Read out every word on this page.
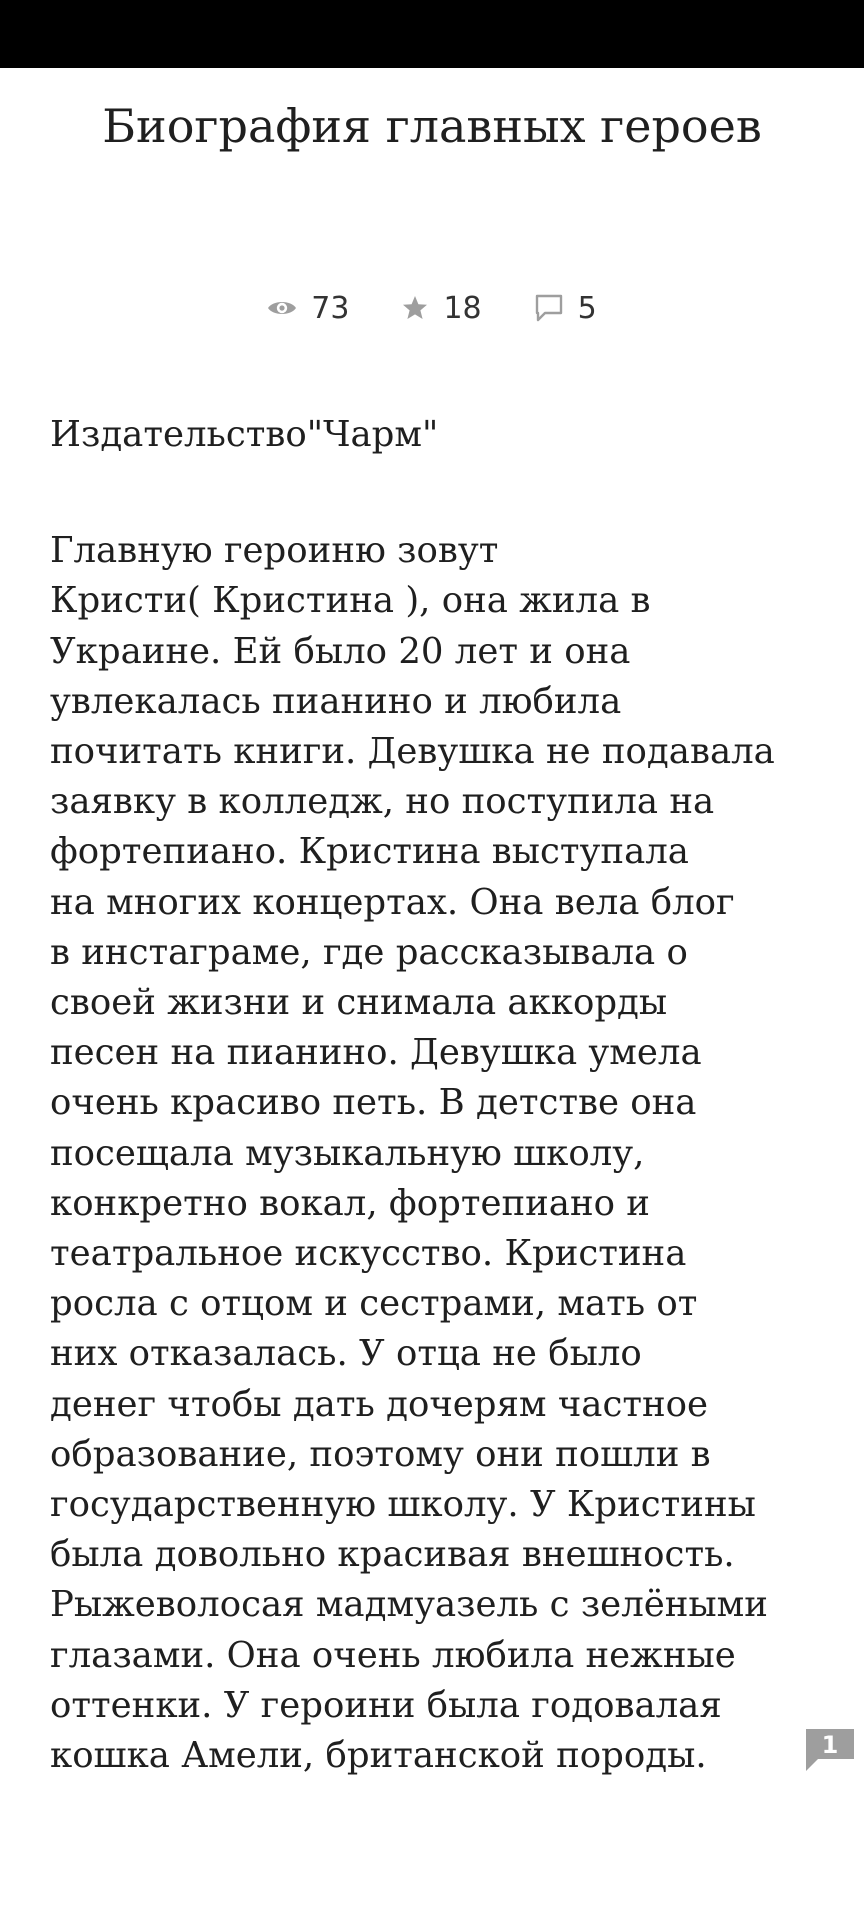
Биография главных героев
73	18	5

Издательство"Чарм"

Главную героиню зовут
Кристи( Кристина ), она жила в
Украине. Ей было 20 лет и она
увлекалась пианино и любила
почитать книги. Девушка не подавала
заявку в колледж, но поступила на
фортепиано. Кристина выступала
на многих концертах. Она вела блог
в инстаграме, где рассказывала о
своей жизни и снимала аккорды
песен на пианино. Девушка умела
очень красиво петь. В детстве она
посещала музыкальную школу,
конкретно вокал, фортепиано и
театральное искусство. Кристина
росла с отцом и сестрами, мать от
них отказалась. У отца не было
денег чтобы дать дочерям частное
образование, поэтому они пошли в
государственную школу. У Кристины
была довольно красивая внешность.
Рыжеволосая мадмуазель с зелёными
глазами. Она очень любила нежные
оттенки. У героини была годовалая
кошка Амели, британской породы.	1
